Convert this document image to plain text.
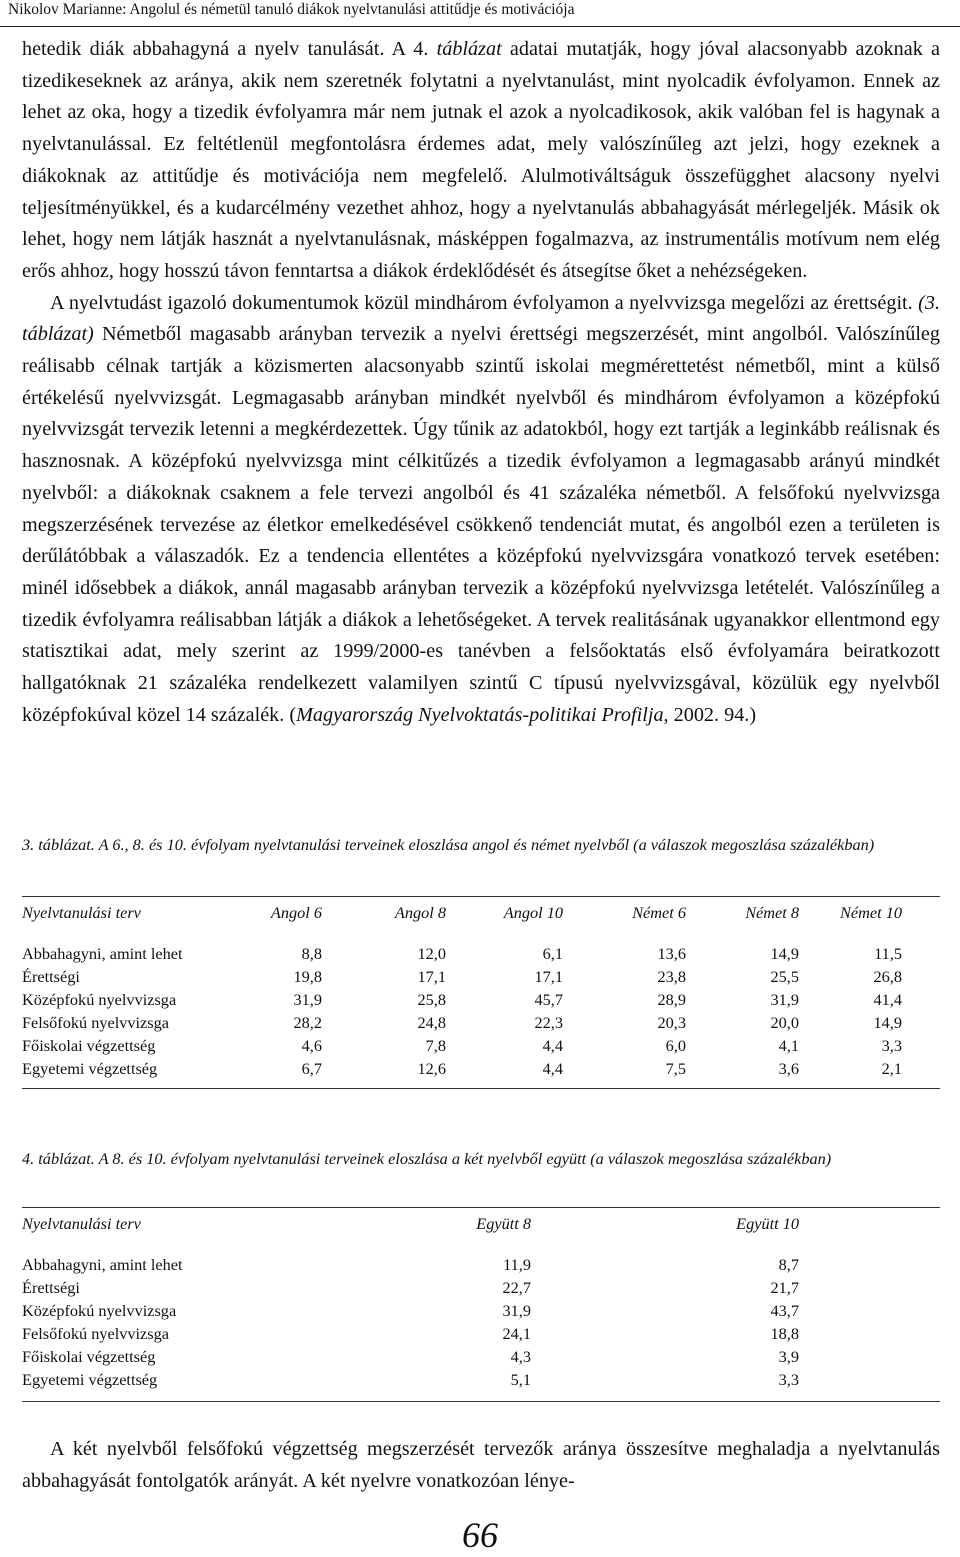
Nikolov Marianne: Angolul és németül tanuló diákok nyelvtanulási attitűdje és motivációja

hetedik diák abbahagyná a nyelv tanulását. A 4. táblázat adatai mutatják, hogy jóval alacsonyabb azoknak a tizedikeseknek az aránya, akik nem szeretnék folytatni a nyelvtanulást, mint nyolcadik évfolyamon. Ennek az lehet az oka, hogy a tizedik évfolyamra már nem jutnak el azok a nyolcadikosok, akik valóban fel is hagynak a nyelvtanulással. Ez feltétlenül megfontolásra érdemes adat, mely valószínűleg azt jelzi, hogy ezeknek a diákoknak az attitűdje és motivációja nem megfelelő. Alulmotiváltságuk összefügghet alacsony nyelvi teljesítményükkel, és a kudarcélmény vezethet ahhoz, hogy a nyelvtanulás abbahagyását mérlegeljék. Másik ok lehet, hogy nem látják hasznát a nyelvtanulásnak, másképpen fogalmazva, az instrumentális motívum nem elég erős ahhoz, hogy hosszú távon fenntartsa a diákok érdeklődését és átsegítse őket a nehézségeken.

A nyelvtudást igazoló dokumentumok közül mindhárom évfolyamon a nyelvvizsga megelőzi az érettségit. (3. táblázat) Németből magasabb arányban tervezik a nyelvi érettségi megszerzését, mint angolból. Valószínűleg reálisabb célnak tartják a közismerten alacsonyabb szintű iskolai megmérettetést németből, mint a külső értékelésű nyelvvizsgát. Legmagasabb arányban mindkét nyelvből és mindhárom évfolyamon a középfokú nyelvvizsgát tervezik letenni a megkérdezettek. Úgy tűnik az adatokból, hogy ezt tartják a leginkább reálisnak és hasznosnak. A középfokú nyelvvizsga mint célkitűzés a tizedik évfolyamon a legmagasabb arányú mindkét nyelvből: a diákoknak csaknem a fele tervezi angolból és 41 százaléka németből. A felsőfokú nyelvvizsga megszerzésének tervezése az életkor emelkedésével csökkenő tendenciát mutat, és angolból ezen a területen is derűlátóbbak a válaszadók. Ez a tendencia ellentétes a középfokú nyelvvizsgára vonatkozó tervek esetében: minél idősebbek a diákok, annál magasabb arányban tervezik a középfokú nyelvvizsga letételét. Valószínűleg a tizedik évfolyamra reálisabban látják a diákok a lehetőségeket. A tervek realitásának ugyanakkor ellentmond egy statisztikai adat, mely szerint az 1999/2000-es tanévben a felsőoktatás első évfolyamára beiratkozott hallgatóknak 21 százaléka rendelkezett valamilyen szintű C típusú nyelvvizsgával, közülük egy nyelvből középfokúval közel 14 százalék. (Magyarország Nyelvoktatás-politikai Profilja, 2002. 94.)

3. táblázat. A 6., 8. és 10. évfolyam nyelvtanulási terveinek eloszlása angol és német nyelvből (a válaszok megoszlása százalékban)
Nyelvtanulási terv	Angol 6	Angol 8	Angol 10	Német 6	Német 8	Német 10
Abbahagyni, amint lehet	8,8	12,0	6,1	13,6	14,9	11,5
Érettségi	19,8	17,1	17,1	23,8	25,5	26,8
Középfokú nyelvvizsga	31,9	25,8	45,7	28,9	31,9	41,4
Felsőfokú nyelvvizsga	28,2	24,8	22,3	20,3	20,0	14,9
Főiskolai végzettség	4,6	7,8	4,4	6,0	4,1	3,3
Egyetemi végzettség	6,7	12,6	4,4	7,5	3,6	2,1
4. táblázat. A 8. és 10. évfolyam nyelvtanulási terveinek eloszlása a két nyelvből együtt (a válaszok megoszlása százalékban)
Nyelvtanulási terv	Együtt 8	Együtt 10
Abbahagyni, amint lehet	11,9	8,7
Érettségi	22,7	21,7
Középfokú nyelvvizsga	31,9	43,7
Felsőfokú nyelvvizsga	24,1	18,8
Főiskolai végzettség	4,3	3,9
Egyetemi végzettség	5,1	3,3

A két nyelvből felsőfokú végzettség megszerzését tervezők aránya összesítve meghaladja a nyelvtanulás abbahagyását fontolgatók arányát. A két nyelvre vonatkozóan lénye-

66
